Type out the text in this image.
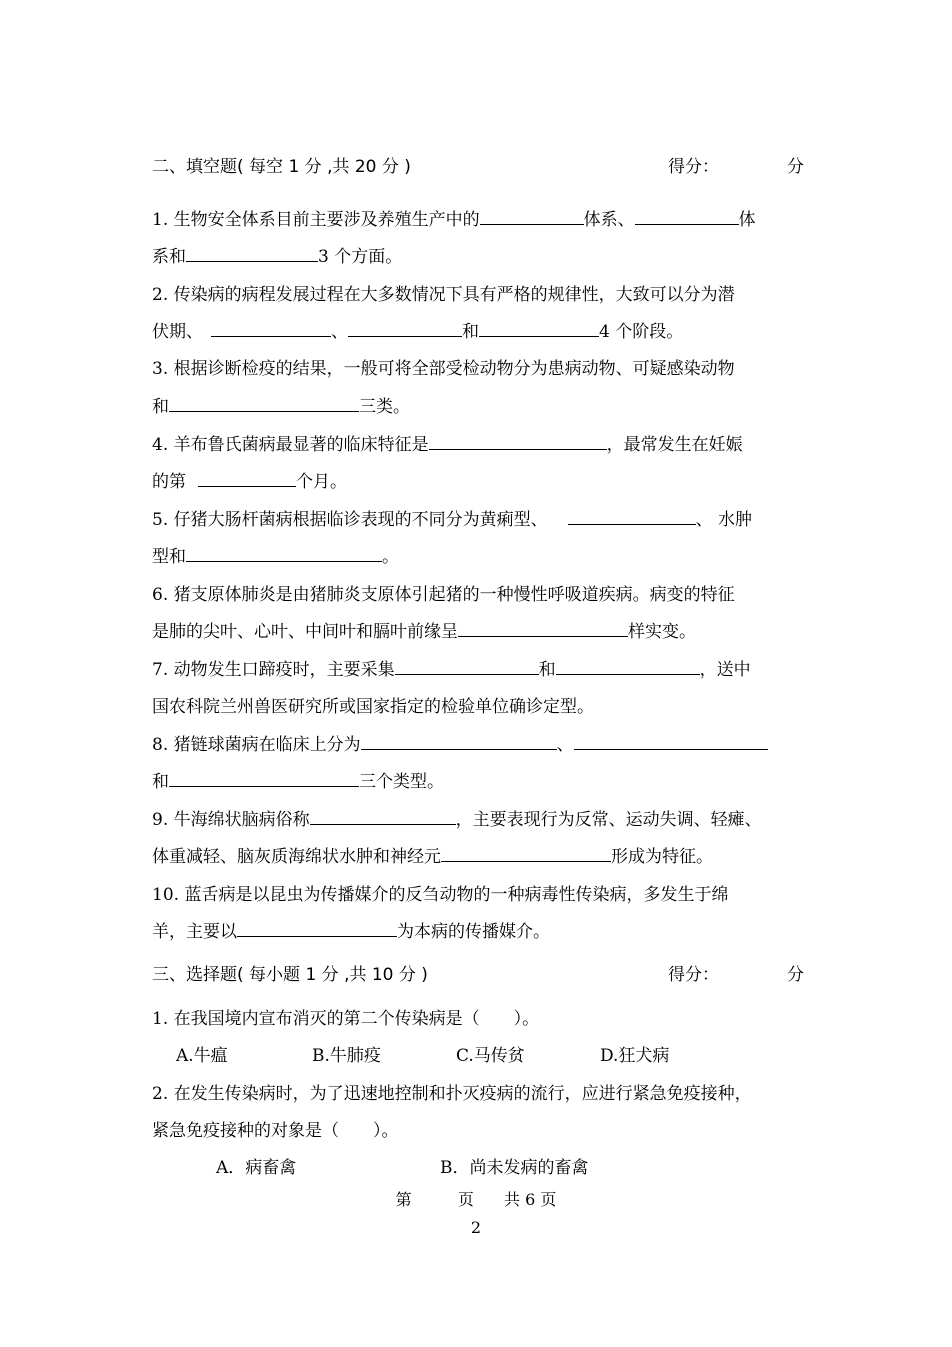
二、填空题( 每空 1 分 ,共 20 分 )	得分：	分
1. 生物安全体系目前主要涉及养殖生产中的	体系、	体
系和	3 个方面。
2. 传染病的病程发展过程在大多数情况下具有严格的规律性，大致可以分为潜
伏期、	、	和	4 个阶段。
3. 根据诊断检疫的结果，一般可将全部受检动物分为患病动物、可疑感染动物
和	三类。
4. 羊布鲁氏菌病最显著的临床特征是	，最常发生在妊娠
的第	个月。
5. 仔猪大肠杆菌病根据临诊表现的不同分为黄痢型、	、 水肿
型和	。
6. 猪支原体肺炎是由猪肺炎支原体引起猪的一种慢性呼吸道疾病。病变的特征
是肺的尖叶、心叶、中间叶和膈叶前缘呈	样实变。
7. 动物发生口蹄疫时，主要采集	和	，送中
国农科院兰州兽医研究所或国家指定的检验单位确诊定型。
8. 猪链球菌病在临床上分为	、
和	三个类型。
9. 牛海绵状脑病俗称	，主要表现行为反常、运动失调、轻瘫、
体重减轻、脑灰质海绵状水肿和神经元	形成为特征。
10. 蓝舌病是以昆虫为传播媒介的反刍动物的一种病毒性传染病，多发生于绵
羊，主要以	为本病的传播媒介。
三、选择题( 每小题 1 分 ,共 10 分 )	得分：	分
1. 在我国境内宣布消灭的第二个传染病是（　　）。
A.牛瘟	B.牛肺疫	C.马传贫	D.狂犬病
2. 在发生传染病时，为了迅速地控制和扑灭疫病的流行，应进行紧急免疫接种，
紧急免疫接种的对象是（　　）。
A．病畜禽	B．尚未发病的畜禽
第	页 共 6 页
2
